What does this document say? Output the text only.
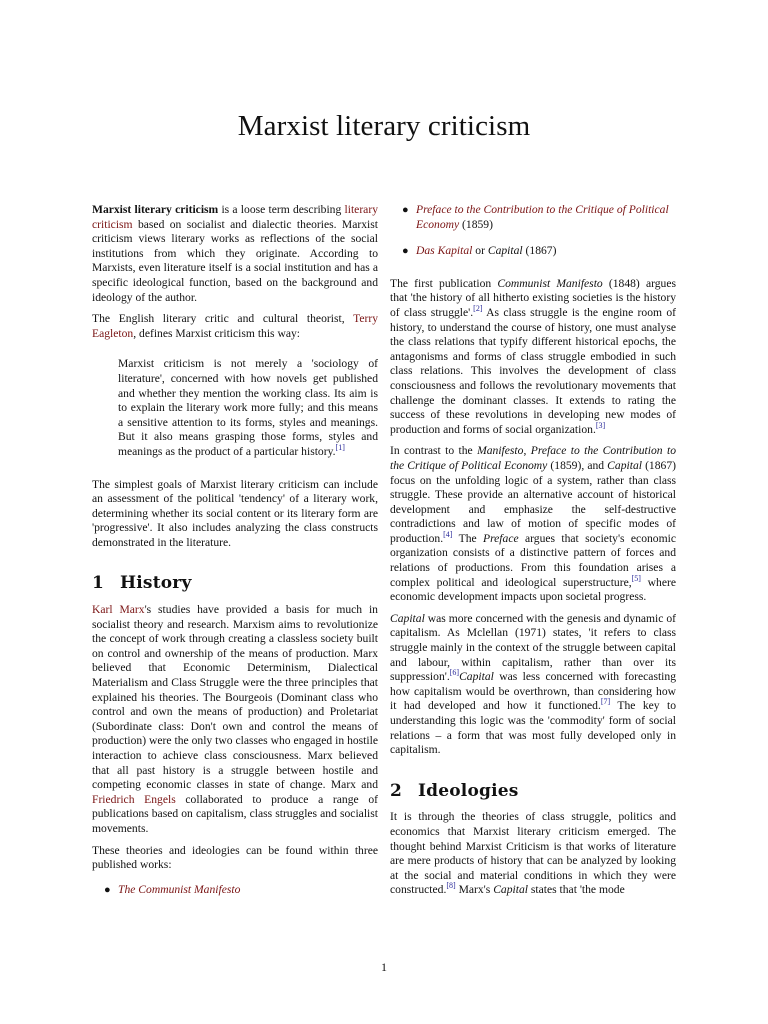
Marxist literary criticism

Marxist literary criticism is a loose term describing literary criticism based on socialist and dialectic theories. Marxist criticism views literary works as reflections of the social institutions from which they originate. According to Marxists, even literature itself is a social institution and has a specific ideological function, based on the background and ideology of the author.

The English literary critic and cultural theorist, Terry Eagleton, defines Marxist criticism this way:

Marxist criticism is not merely a 'sociology of literature', concerned with how novels get published and whether they mention the working class. Its aim is to explain the literary work more fully; and this means a sensitive attention to its forms, styles and meanings. But it also means grasping those forms, styles and meanings as the product of a particular history.[1]

The simplest goals of Marxist literary criticism can include an assessment of the political 'tendency' of a literary work, determining whether its social content or its literary form are 'progressive'. It also includes analyzing the class constructs demonstrated in the literature.

1 History

Karl Marx's studies have provided a basis for much in socialist theory and research. Marxism aims to revolutionize the concept of work through creating a classless society built on control and ownership of the means of production. Marx believed that Economic Determinism, Dialectical Materialism and Class Struggle were the three principles that explained his theories. The Bourgeois (Dominant class who control and own the means of production) and Proletariat (Subordinate class: Don't own and control the means of production) were the only two classes who engaged in hostile interaction to achieve class consciousness. Marx believed that all past history is a struggle between hostile and competing economic classes in state of change. Marx and Friedrich Engels collaborated to produce a range of publications based on capitalism, class struggles and socialist movements.

These theories and ideologies can be found within three published works:

● The Communist Manifesto
● Preface to the Contribution to the Critique of Political Economy (1859)
● Das Kapital or Capital (1867)

The first publication Communist Manifesto (1848) argues that 'the history of all hitherto existing societies is the history of class struggle'.[2] As class struggle is the engine room of history, to understand the course of history, one must analyse the class relations that typify different historical epochs, the antagonisms and forms of class struggle embodied in such class relations. This involves the development of class consciousness and follows the revolutionary movements that challenge the dominant classes. It extends to rating the success of these revolutions in developing new modes of production and forms of social organization.[3]

In contrast to the Manifesto, Preface to the Contribution to the Critique of Political Economy (1859), and Capital (1867) focus on the unfolding logic of a system, rather than class struggle. These provide an alternative account of historical development and emphasize the self-destructive contradictions and law of motion of specific modes of production.[4] The Preface argues that society's economic organization consists of a distinctive pattern of forces and relations of productions. From this foundation arises a complex political and ideological superstructure,[5] where economic development impacts upon societal progress.

Capital was more concerned with the genesis and dynamic of capitalism. As Mclellan (1971) states, 'it refers to class struggle mainly in the context of the struggle between capital and labour, within capitalism, rather than over its suppression'.[6]Capital was less concerned with forecasting how capitalism would be overthrown, than considering how it had developed and how it functioned.[7] The key to understanding this logic was the 'commodity' form of social relations – a form that was most fully developed only in capitalism.

2 Ideologies

It is through the theories of class struggle, politics and economics that Marxist literary criticism emerged. The thought behind Marxist Criticism is that works of literature are mere products of history that can be analyzed by looking at the social and material conditions in which they were constructed.[8] Marx's Capital states that 'the mode

1
